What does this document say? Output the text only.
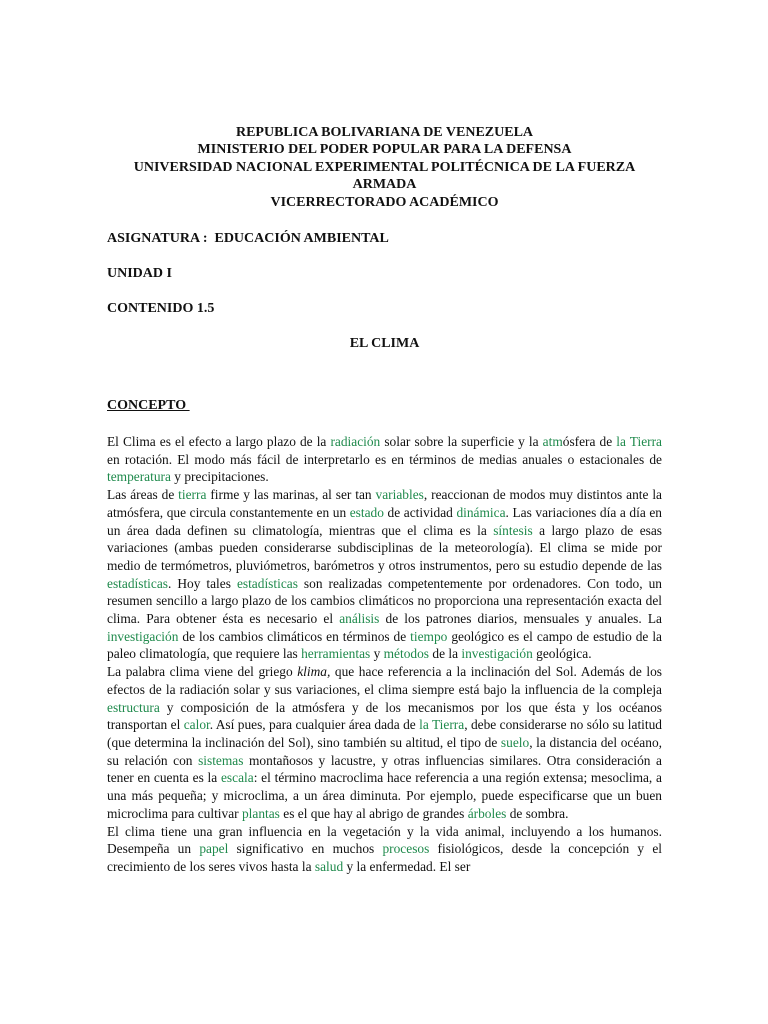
REPUBLICA BOLIVARIANA DE VENEZUELA
MINISTERIO DEL PODER POPULAR PARA LA DEFENSA
UNIVERSIDAD NACIONAL EXPERIMENTAL POLITÉCNICA DE LA FUERZA
ARMADA
VICERRECTORADO ACADÉMICO
ASIGNATURA :  EDUCACIÓN AMBIENTAL
UNIDAD I
CONTENIDO 1.5
EL CLIMA
CONCEPTO

El Clima es el efecto a largo plazo de la radiación solar sobre la superficie y la atmósfera de la Tierra en rotación. El modo más fácil de interpretarlo es en términos de medias anuales o estacionales de temperatura y precipitaciones.

Las áreas de tierra firme y las marinas, al ser tan variables, reaccionan de modos muy distintos ante la atmósfera, que circula constantemente en un estado de actividad dinámica. Las variaciones día a día en un área dada definen su climatología, mientras que el clima es la síntesis a largo plazo de esas variaciones (ambas pueden considerarse subdisciplinas de la meteorología). El clima se mide por medio de termómetros, pluviómetros, barómetros y otros instrumentos, pero su estudio depende de las estadísticas. Hoy tales estadísticas son realizadas competentemente por ordenadores. Con todo, un resumen sencillo a largo plazo de los cambios climáticos no proporciona una representación exacta del clima. Para obtener ésta es necesario el análisis de los patrones diarios, mensuales y anuales. La investigación de los cambios climáticos en términos de tiempo geológico es el campo de estudio de la paleo climatología, que requiere las herramientas y métodos de la investigación geológica.

La palabra clima viene del griego klima, que hace referencia a la inclinación del Sol. Además de los efectos de la radiación solar y sus variaciones, el clima siempre está bajo la influencia de la compleja estructura y composición de la atmósfera y de los mecanismos por los que ésta y los océanos transportan el calor. Así pues, para cualquier área dada de la Tierra, debe considerarse no sólo su latitud (que determina la inclinación del Sol), sino también su altitud, el tipo de suelo, la distancia del océano, su relación con sistemas montañosos y lacustre, y otras influencias similares. Otra consideración a tener en cuenta es la escala: el término macroclima hace referencia a una región extensa; mesoclima, a una más pequeña; y microclima, a un área diminuta. Por ejemplo, puede especificarse que un buen microclima para cultivar plantas es el que hay al abrigo de grandes árboles de sombra.

El clima tiene una gran influencia en la vegetación y la vida animal, incluyendo a los humanos. Desempeña un papel significativo en muchos procesos fisiológicos, desde la concepción y el crecimiento de los seres vivos hasta la salud y la enfermedad. El ser
